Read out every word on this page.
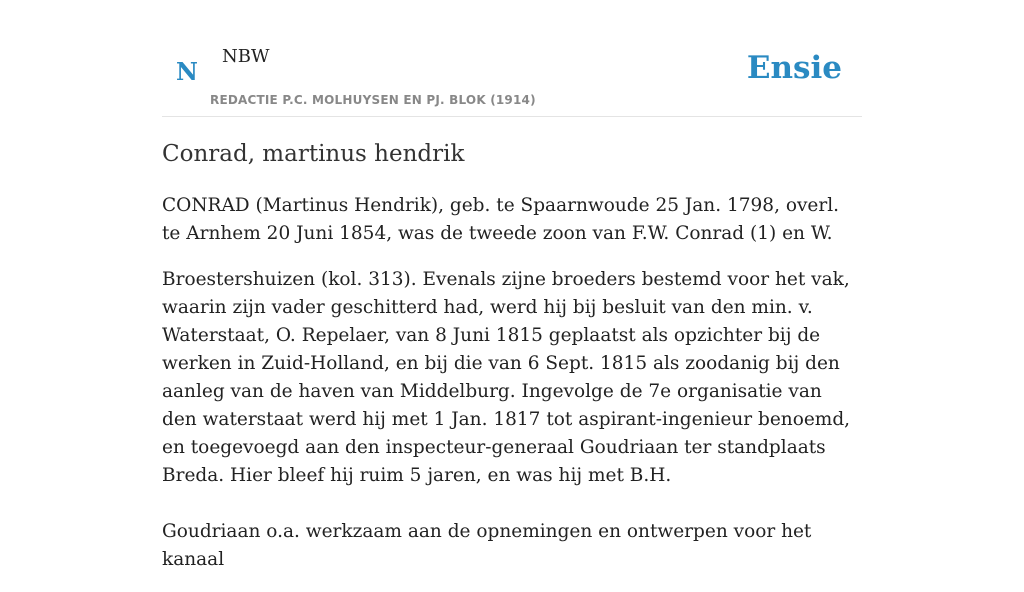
N
NBW
REDACTIE P.C. MOLHUYSEN EN PJ. BLOK (1914)
Ensie
Conrad, martinus hendrik

CONRAD (Martinus Hendrik), geb. te Spaarnwoude 25 Jan. 1798, overl. te Arnhem 20 Juni 1854, was de tweede zoon van F.W. Conrad (1) en W.

Broestershuizen (kol. 313). Evenals zijne broeders bestemd voor het vak, waarin zijn vader geschitterd had, werd hij bij besluit van den min. v. Waterstaat, O. Repelaer, van 8 Juni 1815 geplaatst als opzichter bij de werken in Zuid-Holland, en bij die van 6 Sept. 1815 als zoodanig bij den aanleg van de haven van Middelburg. Ingevolge de 7e organisatie van den waterstaat werd hij met 1 Jan. 1817 tot aspirant-ingenieur benoemd, en toegevoegd aan den inspecteur-generaal Goudriaan ter standplaats Breda. Hier bleef hij ruim 5 jaren, en was hij met B.H.

Goudriaan o.a. werkzaam aan de opnemingen en ontwerpen voor het kanaal
